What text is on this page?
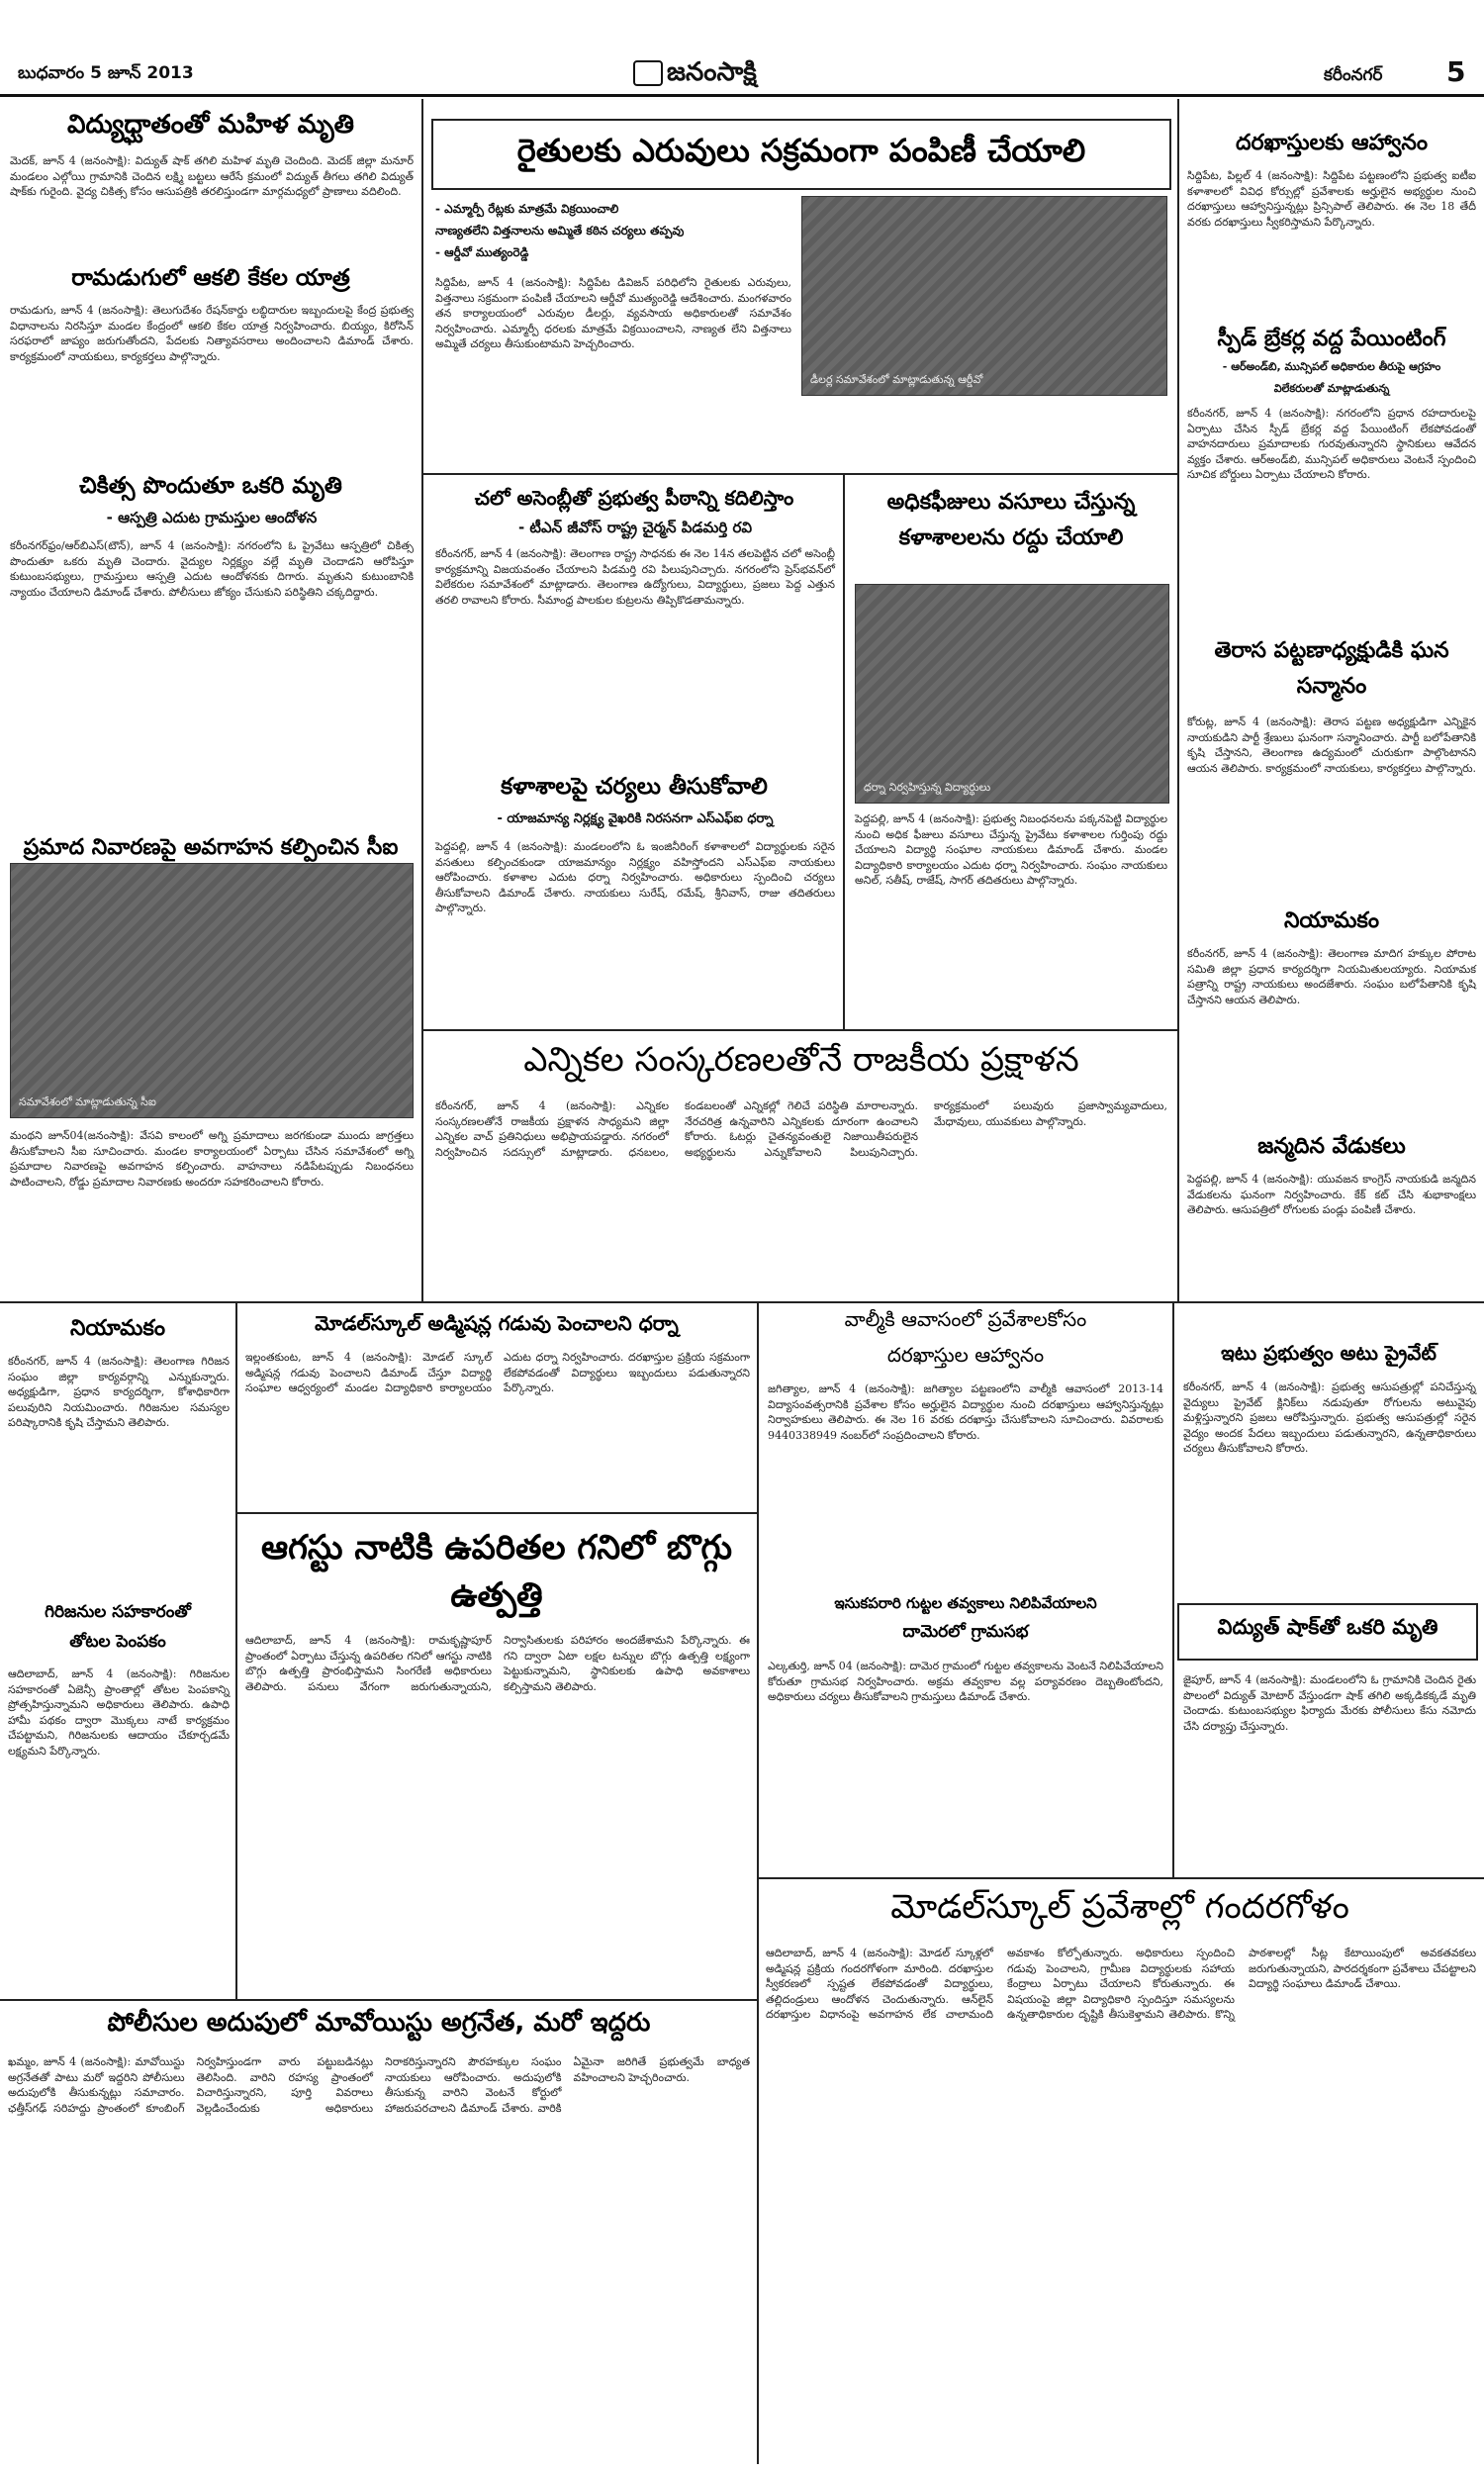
బుధవారం 5 జూన్ 2013	జనంసాక్షి	కరీంనగర్ 5
విద్యుధ్ఘాతంతో మహిళ మృతి
మెదక్‌, జూన్‌ 4 (జనంసాక్షి): విద్యుత్‌ షాక్‌ తగిలి మహిళ మృతి చెందింది. మెదక్‌ జిల్లా మనూర్‌ మండలం ఎల్గోయి గ్రామానికి చెందిన లక్ష్మి బట్టలు ఆరేసే క్రమంలో విద్యుత్‌ తీగలు తగిలి విద్యుత్‌ షాక్‌కు గురైంది. వైద్య చికిత్స కోసం ఆసుపత్రికి తరలిస్తుండగా మార్గమధ్యలో ప్రాణాలు వదిలింది.
రామడుగులో ఆకలి కేకల యాత్ర
రామడుగు, జూన్‌ 4 (జనంసాక్షి): తెలుగుదేశం రేషన్‌కార్డు లబ్ధిదారుల ఇబ్బందులపై కేంద్ర ప్రభుత్వ విధానాలను నిరసిస్తూ మండల కేంద్రంలో ఆకలి కేకల యాత్ర నిర్వహించారు. బియ్యం, కిరోసిన్‌ సరఫరాలో జాప్యం జరుగుతోందని, పేదలకు నిత్యావసరాలు అందించాలని డిమాండ్‌ చేశారు. కార్యక్రమంలో నాయకులు, కార్యకర్తలు పాల్గొన్నారు.
చికిత్స పొందుతూ ఒకరి మృతి
- ఆస్పత్రి ఎదుట గ్రామస్తుల ఆందోళన
కరీంనగర్‌ఫ్రం/ఆర్‌బిఎస్‌(టౌన్‌), జూన్‌ 4 (జనంసాక్షి): నగరంలోని ఓ ప్రైవేటు ఆస్పత్రిలో చికిత్స పొందుతూ ఒకరు మృతి చెందారు. వైద్యుల నిర్లక్ష్యం వల్లే మృతి చెందాడని ఆరోపిస్తూ కుటుంబసభ్యులు, గ్రామస్తులు ఆస్పత్రి ఎదుట ఆందోళనకు దిగారు. మృతుని కుటుంబానికి న్యాయం చేయాలని డిమాండ్‌ చేశారు. పోలీసులు జోక్యం చేసుకుని పరిస్థితిని చక్కదిద్దారు.
ప్రమాద నివారణపై అవగాహన కల్పించిన సీఐ
సమావేశంలో మాట్లాడుతున్న సీఐ
మంథని జూన్‌04(జనంసాక్షి): వేసవి కాలంలో అగ్ని ప్రమాదాలు జరగకుండా ముందు జాగ్రత్తలు తీసుకోవాలని సీఐ సూచించారు. మండల కార్యాలయంలో ఏర్పాటు చేసిన సమావేశంలో అగ్ని ప్రమాదాల నివారణపై అవగాహన కల్పించారు. వాహనాలు నడిపేటప్పుడు నిబంధనలు పాటించాలని, రోడ్డు ప్రమాదాల నివారణకు అందరూ సహకరించాలని కోరారు.
రైతులకు ఎరువులు సక్రమంగా పంపిణీ చేయాలి
- ఎమ్మార్పీ రేట్లకు మాత్రమే విక్రయించాలి
నాణ్యతలేని విత్తనాలను అమ్మితే కఠిన చర్యలు తప్పవు
- ఆర్డీవో ముత్యంరెడ్డి
డీలర్ల సమావేశంలో మాట్లాడుతున్న ఆర్డీవో
సిద్దిపేట, జూన్‌ 4 (జనంసాక్షి): సిద్దిపేట డివిజన్‌ పరిధిలోని రైతులకు ఎరువులు, విత్తనాలు సక్రమంగా పంపిణీ చేయాలని ఆర్డీవో ముత్యంరెడ్డి ఆదేశించారు. మంగళవారం తన కార్యాలయంలో ఎరువుల డీలర్లు, వ్యవసాయ అధికారులతో సమావేశం నిర్వహించారు. ఎమ్మార్పీ ధరలకు మాత్రమే విక్రయించాలని, నాణ్యత లేని విత్తనాలు అమ్మితే చర్యలు తీసుకుంటామని హెచ్చరించారు.
చలో అసెంబ్లీతో ప్రభుత్వ పీఠాన్ని కదిలిస్తాం
- టీఎన్‌ జీవోస్‌ రాష్ట్ర చైర్మన్‌ పిడమర్తి రవి
కరీంనగర్‌, జూన్‌ 4 (జనంసాక్షి): తెలంగాణ రాష్ట్ర సాధనకు ఈ నెల 14న తలపెట్టిన చలో అసెంబ్లీ కార్యక్రమాన్ని విజయవంతం చేయాలని పిడమర్తి రవి పిలుపునిచ్చారు. నగరంలోని ప్రెస్‌భవన్‌లో విలేకరుల సమావేశంలో మాట్లాడారు. తెలంగాణ ఉద్యోగులు, విద్యార్థులు, ప్రజలు పెద్ద ఎత్తున తరలి రావాలని కోరారు. సీమాంధ్ర పాలకుల కుట్రలను తిప్పికొడతామన్నారు.
అధికఫీజులు వసూలు చేస్తున్న కళాశాలలను రద్దు చేయాలి
ధర్నా నిర్వహిస్తున్న విద్యార్థులు
పెద్దపల్లి, జూన్‌ 4 (జనంసాక్షి): ప్రభుత్వ నిబంధనలను పక్కనపెట్టి విద్యార్థుల నుంచి అధిక ఫీజులు వసూలు చేస్తున్న ప్రైవేటు కళాశాలల గుర్తింపు రద్దు చేయాలని విద్యార్థి సంఘాల నాయకులు డిమాండ్‌ చేశారు. మండల విద్యాధికారి కార్యాలయం ఎదుట ధర్నా నిర్వహించారు. సంఘం నాయకులు అనిల్‌, సతీష్‌, రాజేష్‌, సాగర్‌ తదితరులు పాల్గొన్నారు.
కళాశాలపై చర్యలు తీసుకోవాలి
- యాజమాన్య నిర్లక్ష్య వైఖరికి నిరసనగా ఎస్‌ఎఫ్‌ఐ ధర్నా
పెద్దపల్లి, జూన్‌ 4 (జనంసాక్షి): మండలంలోని ఓ ఇంజినీరింగ్‌ కళాశాలలో విద్యార్థులకు సరైన వసతులు కల్పించకుండా యాజమాన్యం నిర్లక్ష్యం వహిస్తోందని ఎస్‌ఎఫ్‌ఐ నాయకులు ఆరోపించారు. కళాశాల ఎదుట ధర్నా నిర్వహించారు. అధికారులు స్పందించి చర్యలు తీసుకోవాలని డిమాండ్‌ చేశారు. నాయకులు సురేష్‌, రమేష్‌, శ్రీనివాస్‌, రాజు తదితరులు పాల్గొన్నారు.
ఎన్నికల సంస్కరణలతోనే రాజకీయ ప్రక్షాళన
కరీంనగర్‌, జూన్‌ 4 (జనంసాక్షి): ఎన్నికల సంస్కరణలతోనే రాజకీయ ప్రక్షాళన సాధ్యమని జిల్లా ఎన్నికల వాచ్‌ ప్రతినిధులు అభిప్రాయపడ్డారు. నగరంలో నిర్వహించిన సదస్సులో మాట్లాడారు. ధనబలం, కండబలంతో ఎన్నికల్లో గెలిచే పరిస్థితి మారాలన్నారు. నేరచరిత్ర ఉన్నవారిని ఎన్నికలకు దూరంగా ఉంచాలని కోరారు. ఓటర్లు చైతన్యవంతులై నిజాయితీపరులైన అభ్యర్థులను ఎన్నుకోవాలని పిలుపునిచ్చారు. కార్యక్రమంలో పలువురు ప్రజాస్వామ్యవాదులు, మేధావులు, యువకులు పాల్గొన్నారు.
దరఖాస్తులకు ఆహ్వానం
సిద్దిపేట, పిల్లల్‌ 4 (జనంసాక్షి): సిద్దిపేట పట్టణంలోని ప్రభుత్వ ఐటీఐ కళాశాలలో వివిధ కోర్సుల్లో ప్రవేశాలకు అర్హులైన అభ్యర్థుల నుంచి దరఖాస్తులు ఆహ్వానిస్తున్నట్లు ప్రిన్సిపాల్‌ తెలిపారు. ఈ నెల 18 తేదీ వరకు దరఖాస్తులు స్వీకరిస్తామని పేర్కొన్నారు.
స్పీడ్‌ బ్రేకర్ల వద్ద పేయింటింగ్‌
- ఆర్‌అండ్‌బి, మున్సిపల్‌ అధికారుల తీరుపై ఆగ్రహం
విలేకరులతో మాట్లాడుతున్న
కరీంనగర్‌, జూన్‌ 4 (జనంసాక్షి): నగరంలోని ప్రధాన రహదారులపై ఏర్పాటు చేసిన స్పీడ్‌ బ్రేకర్ల వద్ద పేయింటింగ్‌ లేకపోవడంతో వాహనదారులు ప్రమాదాలకు గురవుతున్నారని స్థానికులు ఆవేదన వ్యక్తం చేశారు. ఆర్‌అండ్‌బి, మున్సిపల్‌ అధికారులు వెంటనే స్పందించి సూచిక బోర్డులు ఏర్పాటు చేయాలని కోరారు.
తెరాస పట్టణాధ్యక్షుడికి ఘన సన్మానం
కోరుట్ల, జూన్‌ 4 (జనంసాక్షి): తెరాస పట్టణ అధ్యక్షుడిగా ఎన్నికైన నాయకుడిని పార్టీ శ్రేణులు ఘనంగా సన్మానించారు. పార్టీ బలోపేతానికి కృషి చేస్తానని, తెలంగాణ ఉద్యమంలో చురుకుగా పాల్గొంటానని ఆయన తెలిపారు. కార్యక్రమంలో నాయకులు, కార్యకర్తలు పాల్గొన్నారు.
నియామకం
కరీంనగర్‌, జూన్‌ 4 (జనంసాక్షి): తెలంగాణ మాదిగ హక్కుల పోరాట సమితి జిల్లా ప్రధాన కార్యదర్శిగా నియమితులయ్యారు. నియామక పత్రాన్ని రాష్ట్ర నాయకులు అందజేశారు. సంఘం బలోపేతానికి కృషి చేస్తానని ఆయన తెలిపారు.
జన్మదిన వేడుకలు
పెద్దపల్లి, జూన్‌ 4 (జనంసాక్షి): యువజన కాంగ్రెస్‌ నాయకుడి జన్మదిన వేడుకలను ఘనంగా నిర్వహించారు. కేక్‌ కట్‌ చేసి శుభాకాంక్షలు తెలిపారు. ఆసుపత్రిలో రోగులకు పండ్లు పంపిణీ చేశారు.
నియామకం
కరీంనగర్‌, జూన్‌ 4 (జనంసాక్షి): తెలంగాణ గిరిజన సంఘం జిల్లా కార్యవర్గాన్ని ఎన్నుకున్నారు. అధ్యక్షుడిగా, ప్రధాన కార్యదర్శిగా, కోశాధికారిగా పలువురిని నియమించారు. గిరిజనుల సమస్యల పరిష్కారానికి కృషి చేస్తామని తెలిపారు.
గిరిజనుల సహకారంతో
తోటల పెంపకం
ఆదిలాబాద్‌, జూన్‌ 4 (జనంసాక్షి): గిరిజనుల సహకారంతో ఏజెన్సీ ప్రాంతాల్లో తోటల పెంపకాన్ని ప్రోత్సహిస్తున్నామని అధికారులు తెలిపారు. ఉపాధి హామీ పథకం ద్వారా మొక్కలు నాటే కార్యక్రమం చేపట్టామని, గిరిజనులకు ఆదాయం చేకూర్చడమే లక్ష్యమని పేర్కొన్నారు.
మోడల్‌స్కూల్‌ అడ్మిషన్ల గడువు పెంచాలని ధర్నా
ఇల్లంతకుంట, జూన్‌ 4 (జనంసాక్షి): మోడల్‌ స్కూల్‌ అడ్మిషన్ల గడువు పెంచాలని డిమాండ్‌ చేస్తూ విద్యార్థి సంఘాల ఆధ్వర్యంలో మండల విద్యాధికారి కార్యాలయం ఎదుట ధర్నా నిర్వహించారు. దరఖాస్తుల ప్రక్రియ సక్రమంగా లేకపోవడంతో విద్యార్థులు ఇబ్బందులు పడుతున్నారని పేర్కొన్నారు.
ఆగస్టు నాటికి ఉపరితల గనిలో బొగ్గు ఉత్పత్తి
ఆదిలాబాద్‌, జూన్‌ 4 (జనంసాక్షి): రామకృష్ణాపూర్‌ ప్రాంతంలో ఏర్పాటు చేస్తున్న ఉపరితల గనిలో ఆగస్టు నాటికి బొగ్గు ఉత్పత్తి ప్రారంభిస్తామని సింగరేణి అధికారులు తెలిపారు. పనులు వేగంగా జరుగుతున్నాయని, నిర్వాసితులకు పరిహారం అందజేశామని పేర్కొన్నారు. ఈ గని ద్వారా ఏటా లక్షల టన్నుల బొగ్గు ఉత్పత్తి లక్ష్యంగా పెట్టుకున్నామని, స్థానికులకు ఉపాధి అవకాశాలు కల్పిస్తామని తెలిపారు.
వాల్మీకి ఆవాసంలో ప్రవేశాలకోసం
దరఖాస్తుల ఆహ్వానం
జగిత్యాల, జూన్‌ 4 (జనంసాక్షి): జగిత్యాల పట్టణంలోని వాల్మీకి ఆవాసంలో 2013-14 విద్యాసంవత్సరానికి ప్రవేశాల కోసం అర్హులైన విద్యార్థుల నుంచి దరఖాస్తులు ఆహ్వానిస్తున్నట్లు నిర్వాహకులు తెలిపారు. ఈ నెల 16 వరకు దరఖాస్తు చేసుకోవాలని సూచించారు. వివరాలకు 9440338949 నంబర్‌లో సంప్రదించాలని కోరారు.
ఇసుకపరారి గుట్టల తవ్వకాలు నిలిపివేయాలని
దామెరలో గ్రామసభ
ఎల్కతుర్తి, జూన్‌ 04 (జనంసాక్షి): దామెర గ్రామంలో గుట్టల తవ్వకాలను వెంటనే నిలిపివేయాలని కోరుతూ గ్రామసభ నిర్వహించారు. అక్రమ తవ్వకాల వల్ల పర్యావరణం దెబ్బతింటోందని, అధికారులు చర్యలు తీసుకోవాలని గ్రామస్తులు డిమాండ్‌ చేశారు.
ఇటు ప్రభుత్వం అటు ప్రైవేట్‌
కరీంనగర్‌, జూన్‌ 4 (జనంసాక్షి): ప్రభుత్వ ఆసుపత్రుల్లో పనిచేస్తున్న వైద్యులు ప్రైవేట్‌ క్లినిక్‌లు నడుపుతూ రోగులను అటువైపు మళ్లిస్తున్నారని ప్రజలు ఆరోపిస్తున్నారు. ప్రభుత్వ ఆసుపత్రుల్లో సరైన వైద్యం అందక పేదలు ఇబ్బందులు పడుతున్నారని, ఉన్నతాధికారులు చర్యలు తీసుకోవాలని కోరారు.
విద్యుత్‌ షాక్‌తో ఒకరి మృతి
జైపూర్‌, జూన్‌ 4 (జనంసాక్షి): మండలంలోని ఓ గ్రామానికి చెందిన రైతు పొలంలో విద్యుత్‌ మోటార్‌ వేస్తుండగా షాక్‌ తగిలి అక్కడికక్కడే మృతి చెందాడు. కుటుంబసభ్యుల ఫిర్యాదు మేరకు పోలీసులు కేసు నమోదు చేసి దర్యాప్తు చేస్తున్నారు.
మోడల్‌స్కూల్‌ ప్రవేశాల్లో గందరగోళం
ఆదిలాబాద్‌, జూన్‌ 4 (జనంసాక్షి): మోడల్‌ స్కూళ్లలో అడ్మిషన్ల ప్రక్రియ గందరగోళంగా మారింది. దరఖాస్తుల స్వీకరణలో స్పష్టత లేకపోవడంతో విద్యార్థులు, తల్లిదండ్రులు ఆందోళన చెందుతున్నారు. ఆన్‌లైన్‌ దరఖాస్తుల విధానంపై అవగాహన లేక చాలామంది అవకాశం కోల్పోతున్నారు. అధికారులు స్పందించి గడువు పెంచాలని, గ్రామీణ విద్యార్థులకు సహాయ కేంద్రాలు ఏర్పాటు చేయాలని కోరుతున్నారు. ఈ విషయంపై జిల్లా విద్యాధికారి స్పందిస్తూ సమస్యలను ఉన్నతాధికారుల దృష్టికి తీసుకెళ్తామని తెలిపారు. కొన్ని పాఠశాలల్లో సీట్ల కేటాయింపులో అవకతవకలు జరుగుతున్నాయని, పారదర్శకంగా ప్రవేశాలు చేపట్టాలని విద్యార్థి సంఘాలు డిమాండ్‌ చేశాయి.
పోలీసుల అదుపులో మావోయిస్టు అగ్రనేత, మరో ఇద్దరు
ఖమ్మం, జూన్‌ 4 (జనంసాక్షి): మావోయిస్టు అగ్రనేతతో పాటు మరో ఇద్దరిని పోలీసులు అదుపులోకి తీసుకున్నట్లు సమాచారం. ఛత్తీస్‌గఢ్‌ సరిహద్దు ప్రాంతంలో కూంబింగ్‌ నిర్వహిస్తుండగా వారు పట్టుబడినట్లు తెలిసింది. వారిని రహస్య ప్రాంతంలో విచారిస్తున్నారని, పూర్తి వివరాలు వెల్లడించేందుకు అధికారులు నిరాకరిస్తున్నారని పౌరహక్కుల సంఘం నాయకులు ఆరోపించారు. అదుపులోకి తీసుకున్న వారిని వెంటనే కోర్టులో హాజరుపరచాలని డిమాండ్‌ చేశారు. వారికి ఏమైనా జరిగితే ప్రభుత్వమే బాధ్యత వహించాలని హెచ్చరించారు.
